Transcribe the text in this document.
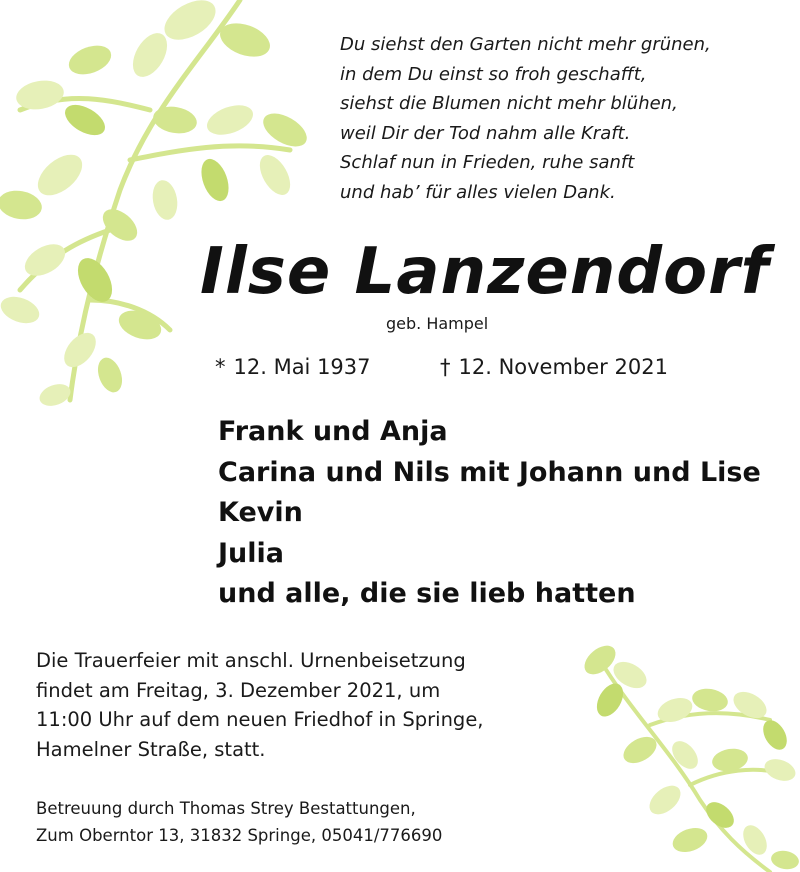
Du siehst den Garten nicht mehr grünen,
in dem Du einst so froh geschafft,
siehst die Blumen nicht mehr blühen,
weil Dir der Tod nahm alle Kraft.
Schlaf nun in Frieden, ruhe sanft
und hab’ für alles vielen Dank.
Ilse Lanzendorf
geb. Hampel
* 12. Mai 1937	† 12. November 2021
Frank und Anja
Carina und Nils mit Johann und Lise
Kevin
Julia
und alle, die sie lieb hatten
Die Trauerfeier mit anschl. Urnenbeisetzung
findet am Freitag, 3. Dezember 2021, um
11:00 Uhr auf dem neuen Friedhof in Springe,
Hamelner Straße, statt.
Betreuung durch Thomas Strey Bestattungen,
Zum Oberntor 13, 31832 Springe, 05041/776690
